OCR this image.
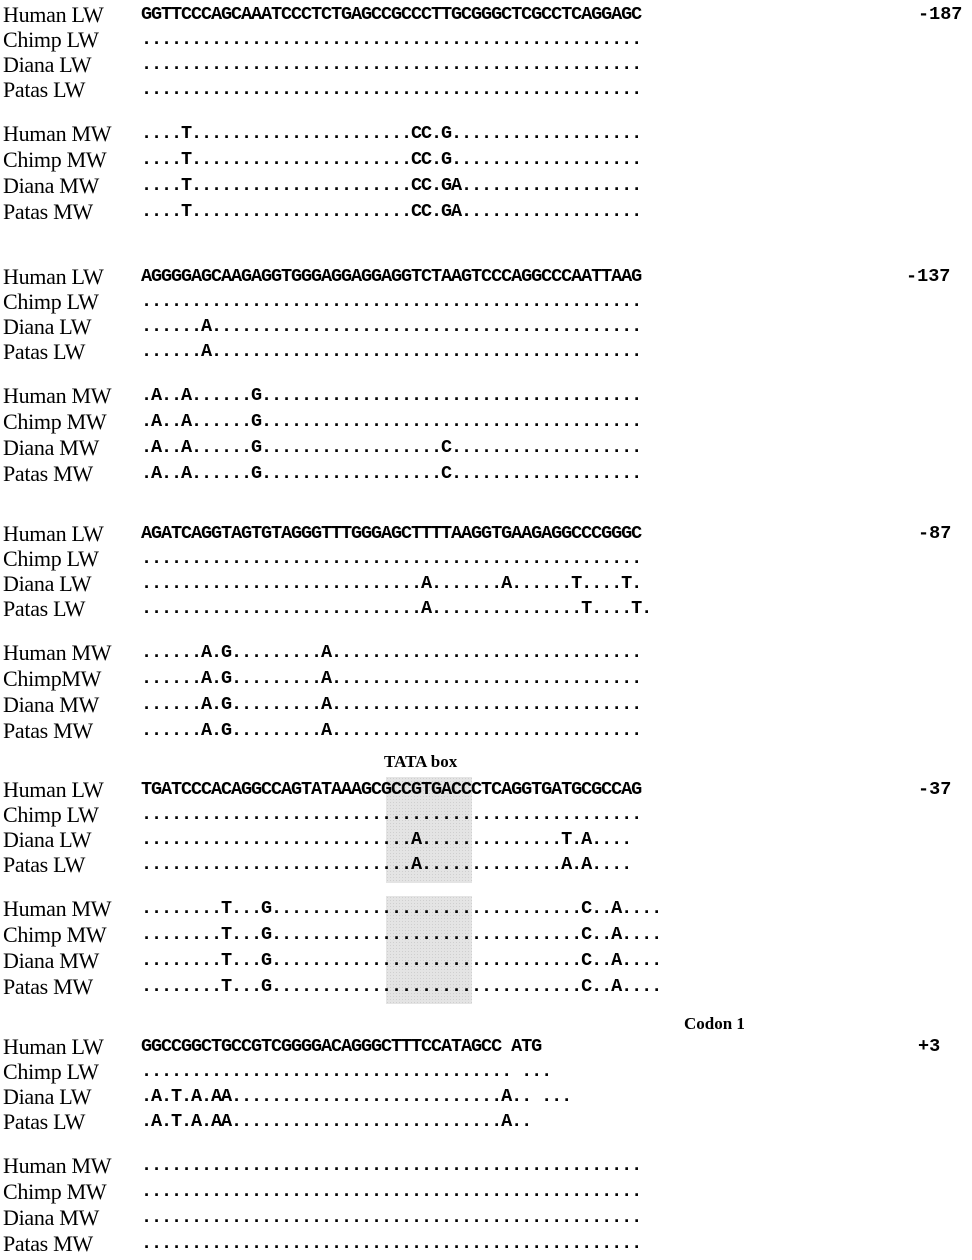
TATA box
Codon 1
Human LW GGTTCCCAGCAAATCCCTCTGAGCCGCCCTTGCGGGCTCGCCTCAGGAGC	-187
Chimp LW ..................................................
Diana LW	..................................................
Patas LW	..................................................
Human MW ....T......................CC.G...................
Chimp MW ....T......................CC.G...................
Diana MW ....T......................CC.GA..................
Patas MW	....T......................CC.GA..................
Human LW AGGGGAGCAAGAGGTGGGAGGAGGAGGTCTAAGTCCCAGGCCCAATTAAG	-137
Chimp LW ..................................................
Diana LW	......A...........................................
Patas LW	......A...........................................
Human MW .A..A......G......................................
Chimp MW .A..A......G......................................
Diana MW .A..A......G..................C...................
Patas MW	.A..A......G..................C...................
Human LW AGATCAGGTAGTGTAGGGTTTGGGAGCTTTTAAGGTGAAGAGGCCCGGGC	-87
Chimp LW ..................................................
Diana LW	............................A.......A......T....T.
Patas LW	............................A...............T....T.
Human MW ......A.G.........A...............................
ChimpMW ......A.G.........A...............................
Diana MW ......A.G.........A...............................
Patas MW	......A.G.........A...............................
Human LW TGATCCCACAGGCCAGTATAAAGCGCCGTGACCCTCAGGTGATGCGCCAG	-37
Chimp LW ..................................................
Diana LW	...........................A..............T.A....
Patas LW	...........................A..............A.A....
Human MW ........T...G...............................C..A....
Chimp MW ........T...G...............................C..A....
Diana MW ........T...G...............................C..A....
Patas MW	........T...G...............................C..A....
Human LW GGCCGGCTGCCGTCGGGGACAGGGCTTTCCATAGCC ATG	+3
Chimp LW ..................................... ...
Diana LW	.A.T.A.AA...........................A.. ...
Patas LW	.A.T.A.AA...........................A..
Human MW ..................................................
Chimp MW ..................................................
Diana MW ..................................................
Patas MW	..................................................
